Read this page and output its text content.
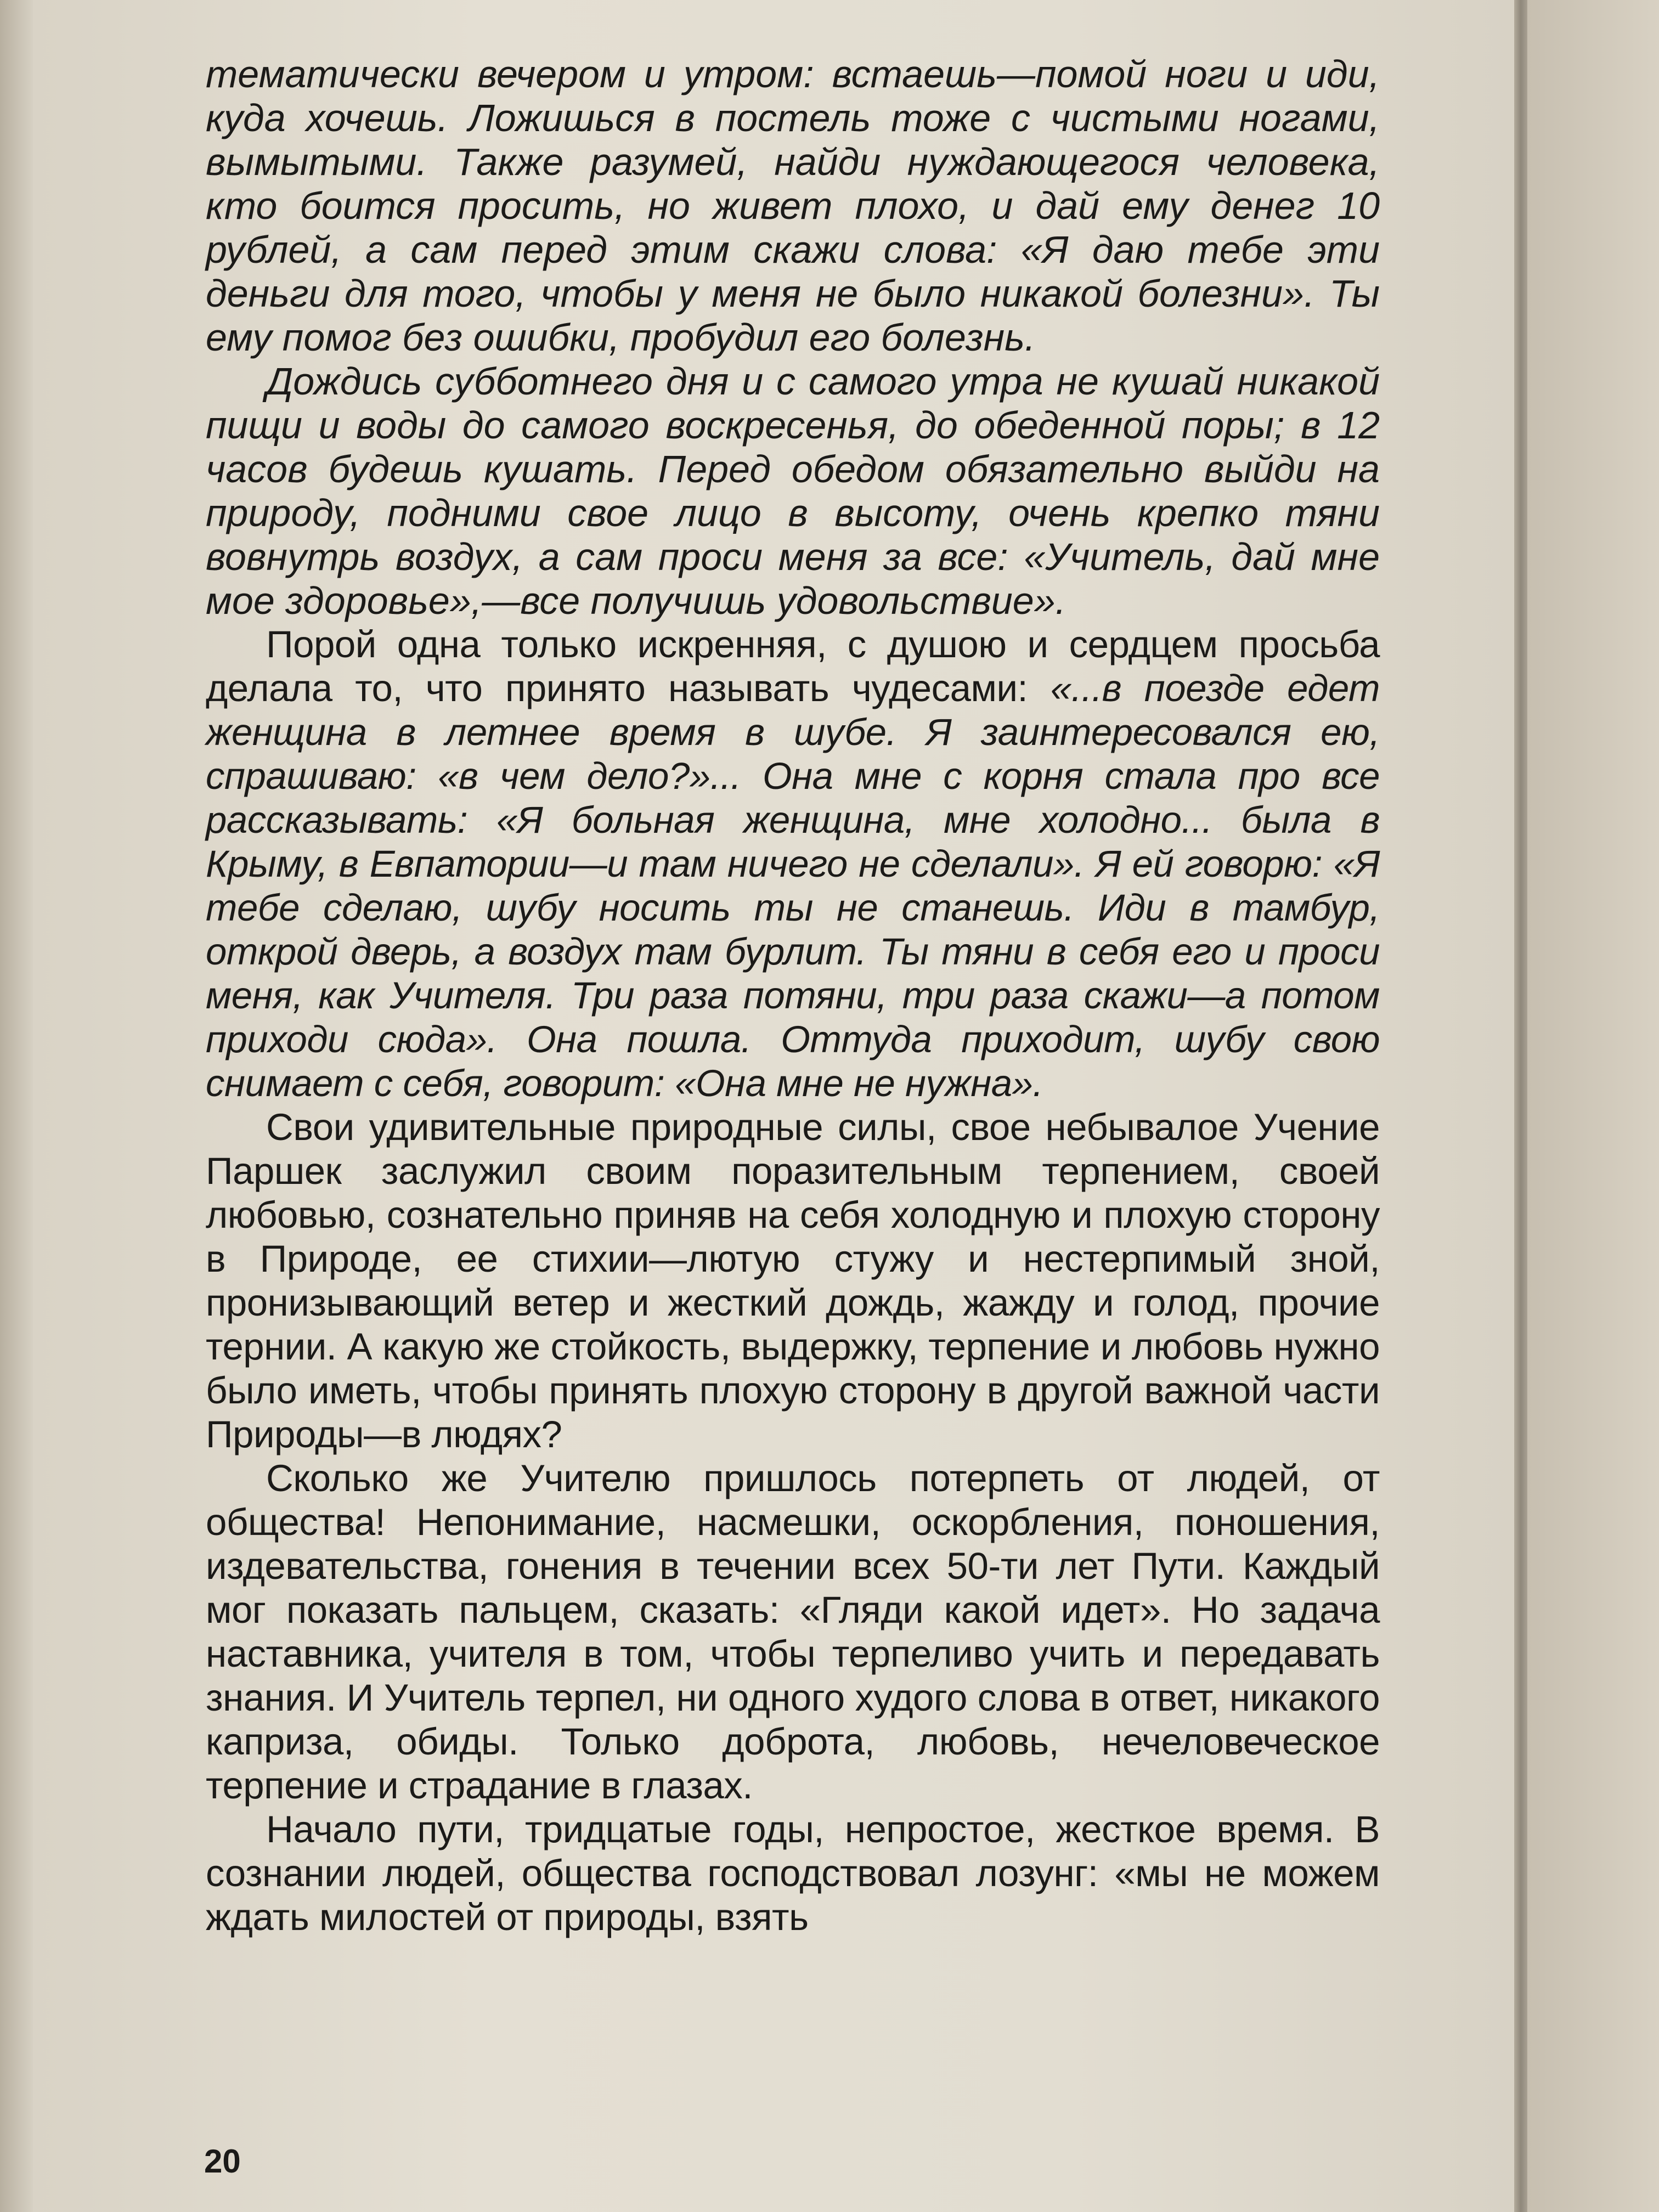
тематически вечером и утром: встаешь—помой ноги и иди, куда хочешь. Ложишься в постель тоже с чистыми ногами, вымытыми. Также разумей, найди нуждающегося человека, кто боится просить, но живет плохо, и дай ему денег 10 рублей, а сам перед этим скажи слова: «Я даю тебе эти деньги для того, чтобы у меня не было никакой болезни». Ты ему помог без ошибки, пробудил его болезнь.

Дождись субботнего дня и с самого утра не кушай никакой пищи и воды до самого воскресенья, до обеденной поры; в 12 часов будешь кушать. Перед обедом обязательно выйди на природу, подними свое лицо в высоту, очень крепко тяни вовнутрь воздух, а сам проси меня за все: «Учитель, дай мне мое здоровье»,—все получишь удовольствие».

Порой одна только искренняя, с душою и сердцем просьба делала то, что принято называть чудесами: «...в поезде едет женщина в летнее время в шубе. Я заинтересовался ею, спрашиваю: «в чем дело?»... Она мне с корня стала про все рассказывать: «Я больная женщина, мне холодно... была в Крыму, в Евпатории—и там ничего не сделали». Я ей говорю: «Я тебе сделаю, шубу носить ты не станешь. Иди в тамбур, открой дверь, а воздух там бурлит. Ты тяни в себя его и проси меня, как Учителя. Три раза потяни, три раза скажи—а потом приходи сюда». Она пошла. Оттуда приходит, шубу свою снимает с себя, говорит: «Она мне не нужна».

Свои удивительные природные силы, свое небывалое Учение Паршек заслужил своим поразительным терпением, своей любовью, сознательно приняв на себя холодную и плохую сторону в Природе, ее стихии—лютую стужу и нестерпимый зной, пронизывающий ветер и жесткий дождь, жажду и голод, прочие тернии. А какую же стойкость, выдержку, терпение и любовь нужно было иметь, чтобы принять плохую сторону в другой важной части Природы—в людях?

Сколько же Учителю пришлось потерпеть от людей, от общества! Непонимание, насмешки, оскорбления, поношения, издевательства, гонения в течении всех 50-ти лет Пути. Каждый мог показать пальцем, сказать: «Гляди какой идет». Но задача наставника, учителя в том, чтобы терпеливо учить и передавать знания. И Учитель терпел, ни одного худого слова в ответ, никакого каприза, обиды. Только доброта, любовь, нечеловеческое терпение и страдание в глазах.

Начало пути, тридцатые годы, непростое, жесткое время. В сознании людей, общества господствовал лозунг: «мы не можем ждать милостей от природы, взять

20
